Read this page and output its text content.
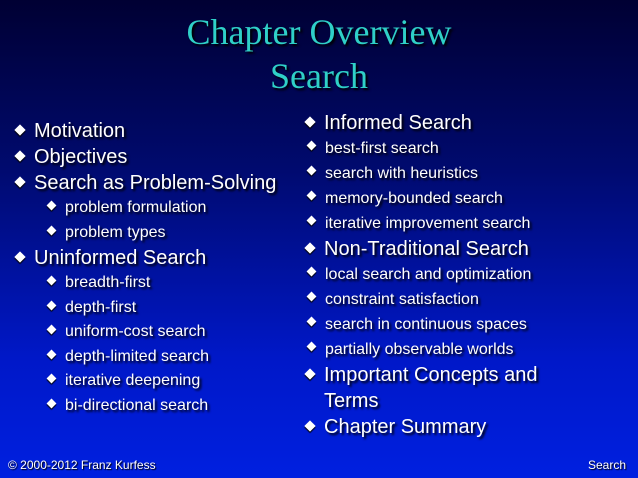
Chapter Overview
Search
Motivation
Objectives
Search as Problem-Solving
problem formulation
problem types
Uninformed Search
breadth-first
depth-first
uniform-cost search
depth-limited search
iterative deepening
bi-directional search
Informed Search
best-first search
search with heuristics
memory-bounded search
iterative improvement search
Non-Traditional Search
local search and optimization
constraint satisfaction
search in continuous spaces
partially observable worlds
Important Concepts and Terms
Chapter Summary
© 2000-2012 Franz Kurfess	Search
